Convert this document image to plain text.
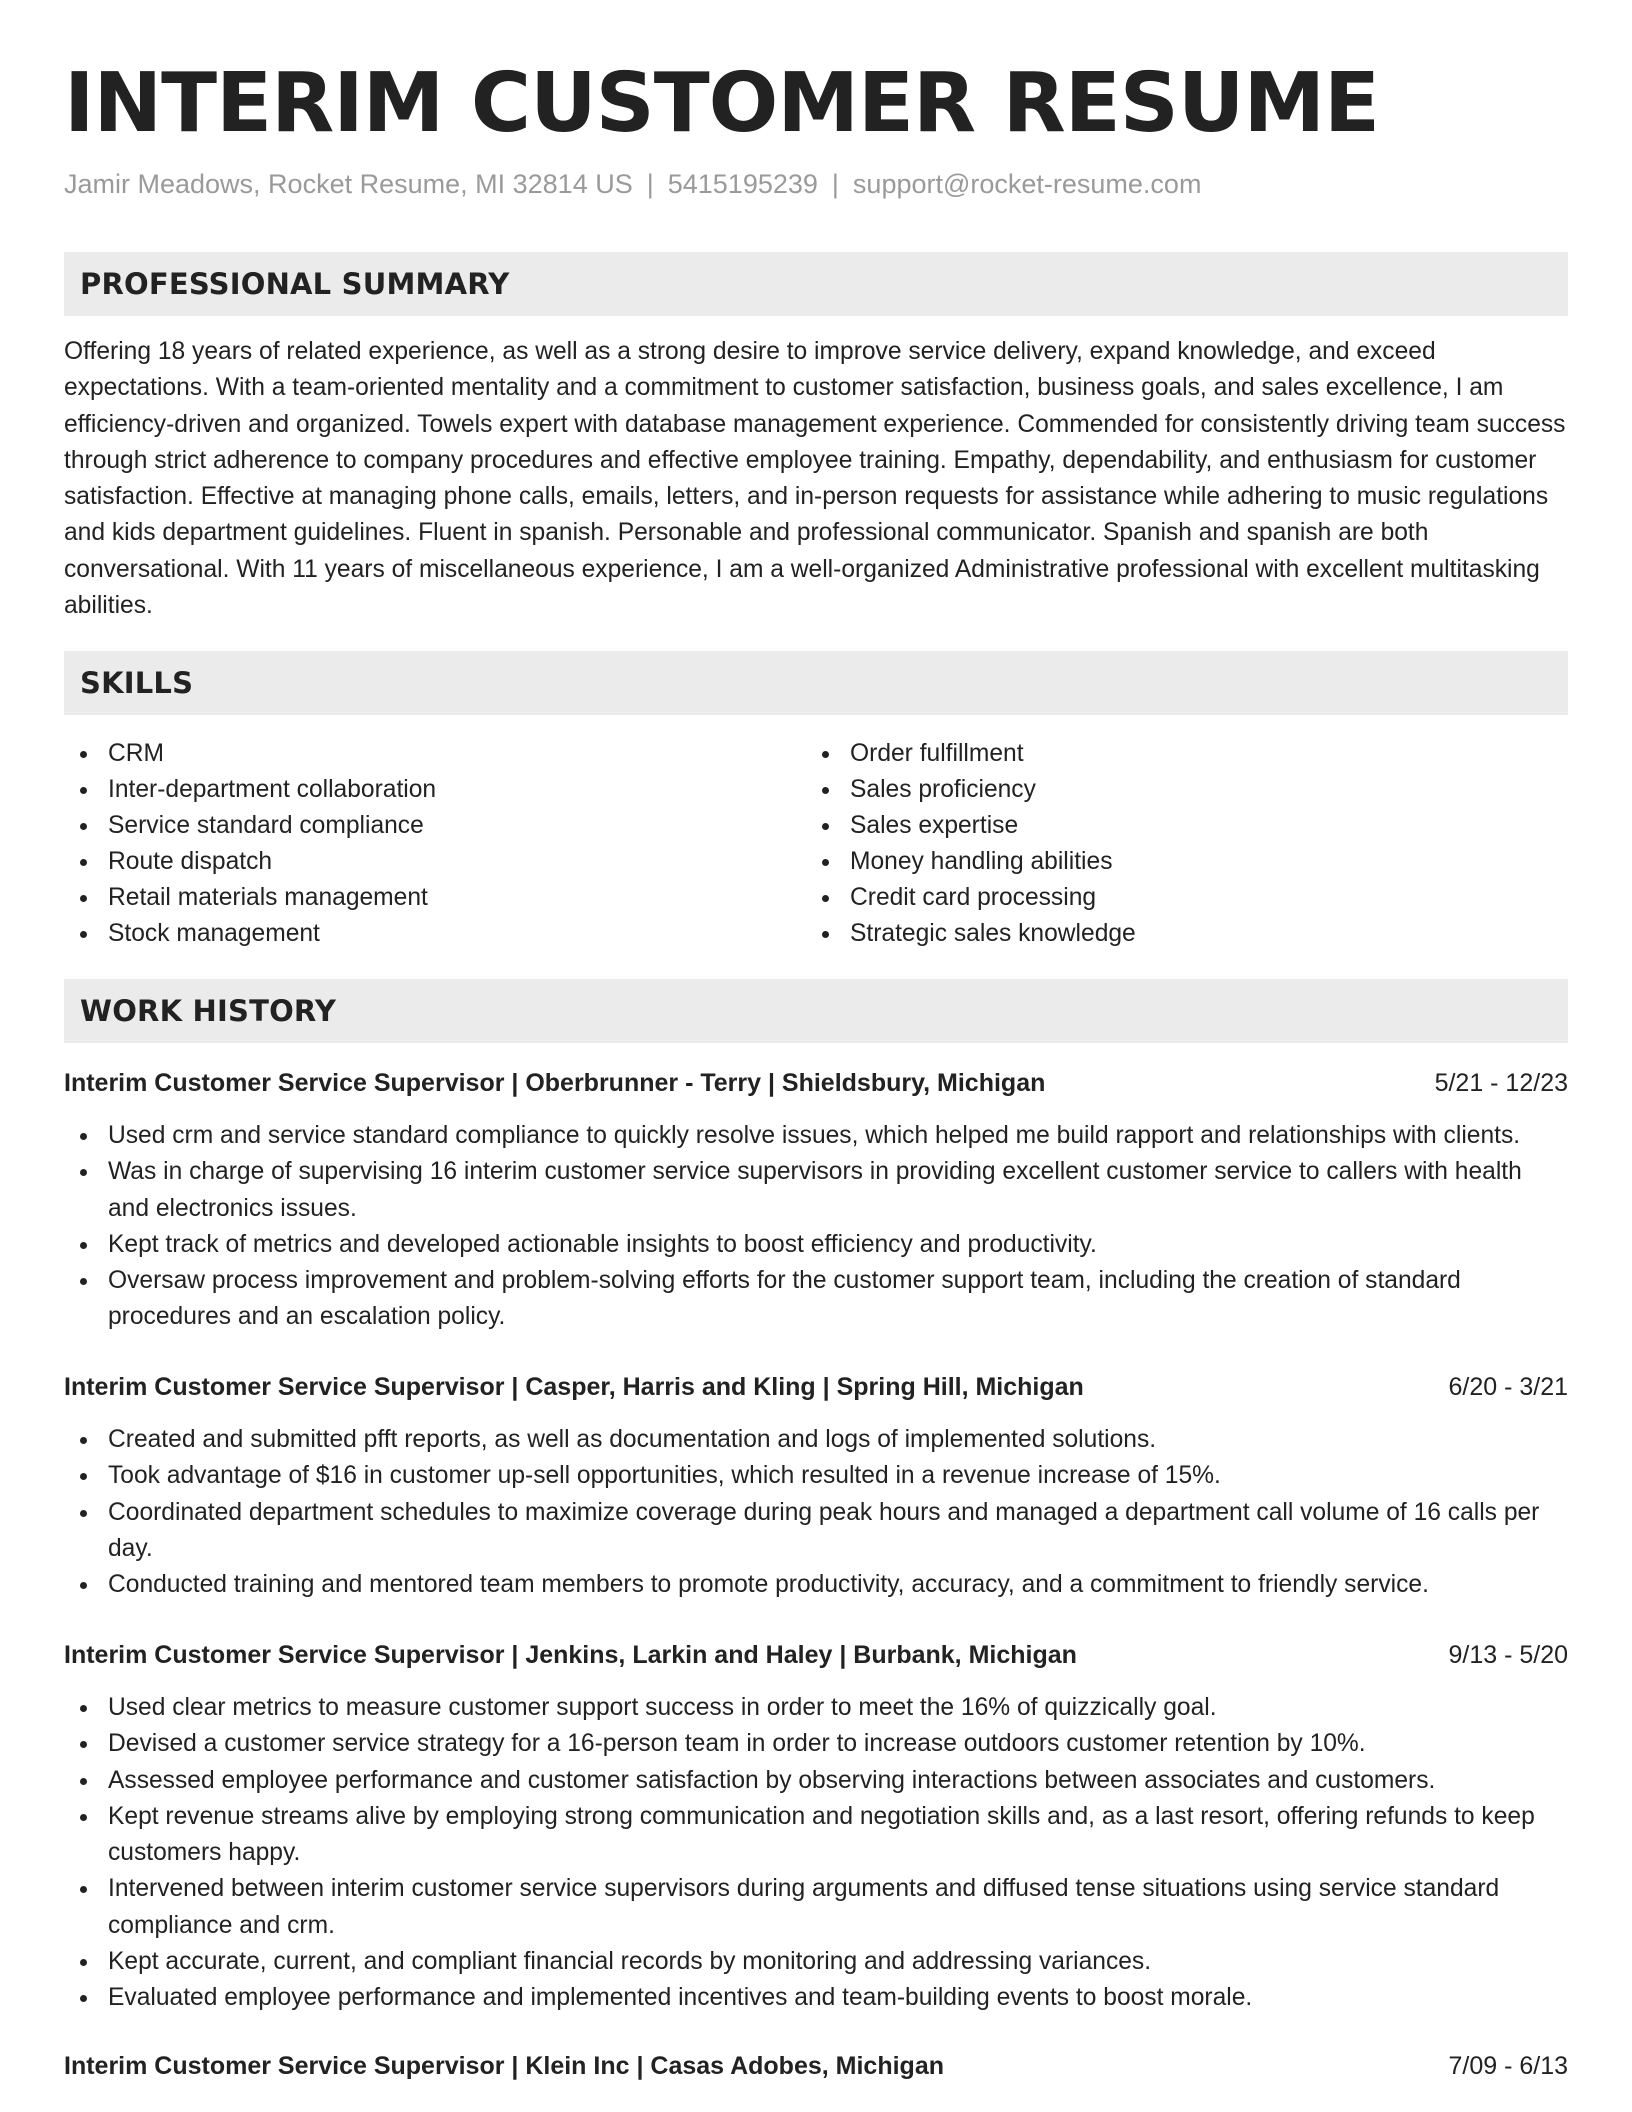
INTERIM CUSTOMER RESUME
Jamir Meadows, Rocket Resume, MI 32814 US | 5415195239 | support@rocket-resume.com
PROFESSIONAL SUMMARY

Offering 18 years of related experience, as well as a strong desire to improve service delivery, expand knowledge, and exceed expectations. With a team-oriented mentality and a commitment to customer satisfaction, business goals, and sales excellence, I am efficiency-driven and organized. Towels expert with database management experience. Commended for consistently driving team success through strict adherence to company procedures and effective employee training. Empathy, dependability, and enthusiasm for customer satisfaction. Effective at managing phone calls, emails, letters, and in-person requests for assistance while adhering to music regulations and kids department guidelines. Fluent in spanish. Personable and professional communicator. Spanish and spanish are both conversational. With 11 years of miscellaneous experience, I am a well-organized Administrative professional with excellent multitasking abilities.

SKILLS
CRM
Inter-department collaboration
Service standard compliance
Route dispatch
Retail materials management
Stock management
Order fulfillment
Sales proficiency
Sales expertise
Money handling abilities
Credit card processing
Strategic sales knowledge
WORK HISTORY
Interim Customer Service Supervisor | Oberbrunner - Terry | Shieldsbury, Michigan	5/21 - 12/23
Used crm and service standard compliance to quickly resolve issues, which helped me build rapport and relationships with clients.
Was in charge of supervising 16 interim customer service supervisors in providing excellent customer service to callers with health and electronics issues.
Kept track of metrics and developed actionable insights to boost efficiency and productivity.
Oversaw process improvement and problem-solving efforts for the customer support team, including the creation of standard procedures and an escalation policy.
Interim Customer Service Supervisor | Casper, Harris and Kling | Spring Hill, Michigan	6/20 - 3/21
Created and submitted pfft reports, as well as documentation and logs of implemented solutions.
Took advantage of $16 in customer up-sell opportunities, which resulted in a revenue increase of 15%.
Coordinated department schedules to maximize coverage during peak hours and managed a department call volume of 16 calls per day.
Conducted training and mentored team members to promote productivity, accuracy, and a commitment to friendly service.
Interim Customer Service Supervisor | Jenkins, Larkin and Haley | Burbank, Michigan	9/13 - 5/20
Used clear metrics to measure customer support success in order to meet the 16% of quizzically goal.
Devised a customer service strategy for a 16-person team in order to increase outdoors customer retention by 10%.
Assessed employee performance and customer satisfaction by observing interactions between associates and customers.
Kept revenue streams alive by employing strong communication and negotiation skills and, as a last resort, offering refunds to keep customers happy.
Intervened between interim customer service supervisors during arguments and diffused tense situations using service standard compliance and crm.
Kept accurate, current, and compliant financial records by monitoring and addressing variances.
Evaluated employee performance and implemented incentives and team-building events to boost morale.
Interim Customer Service Supervisor | Klein Inc | Casas Adobes, Michigan	7/09 - 6/13
